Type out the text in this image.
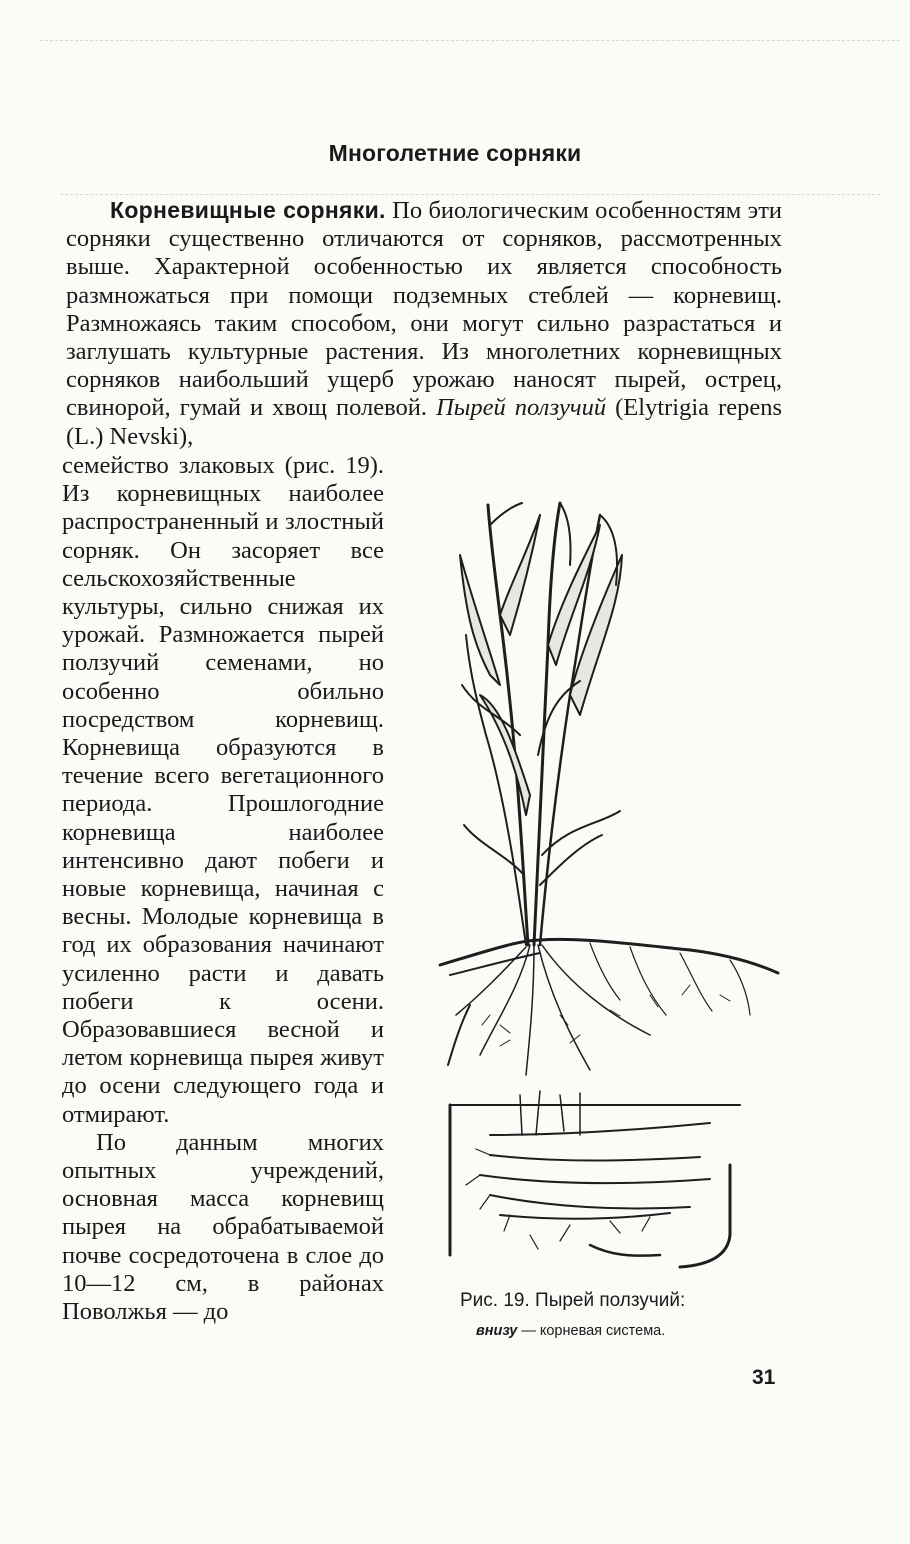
Многолетние сорняки
Корневищные сорняки. По биологическим особенностям эти сорняки существенно отличаются от сорняков, рассмотренных выше. Характерной особенностью их является способность размножаться при помощи подземных стеблей — корневищ. Размножаясь таким способом, они могут сильно разрастаться и заглушать культурные растения. Из многолетних корневищных сорняков наибольший ущерб урожаю наносят пырей, острец, свинорой, гумай и хвощ полевой. Пырей ползучий (Elytrigia repens (L.) Nevski),

семейство злаковых (рис. 19). Из корневищных наиболее распространенный и злостный сорняк. Он засоряет все сельскохозяйственные культуры, сильно снижая их урожай. Размножается пырей ползучий семенами, но особенно обильно посредством корневищ. Корневища образуются в течение всего вегетационного периода. Прошлогодние корневища наиболее интенсивно дают побеги и новые корневища, начиная с весны. Молодые корневища в год их образования начинают усиленно расти и давать побеги к осени. Образовавшиеся весной и летом корневища пырея живут до осени следующего года и отмирают.

По данным многих опытных учреждений, основная масса корневищ пырея на обрабатываемой почве сосредоточена в слое до 10—12 см, в районах Поволжья — до	Рис. 19. Пырей ползучий:
внизу — корневая система.
31
